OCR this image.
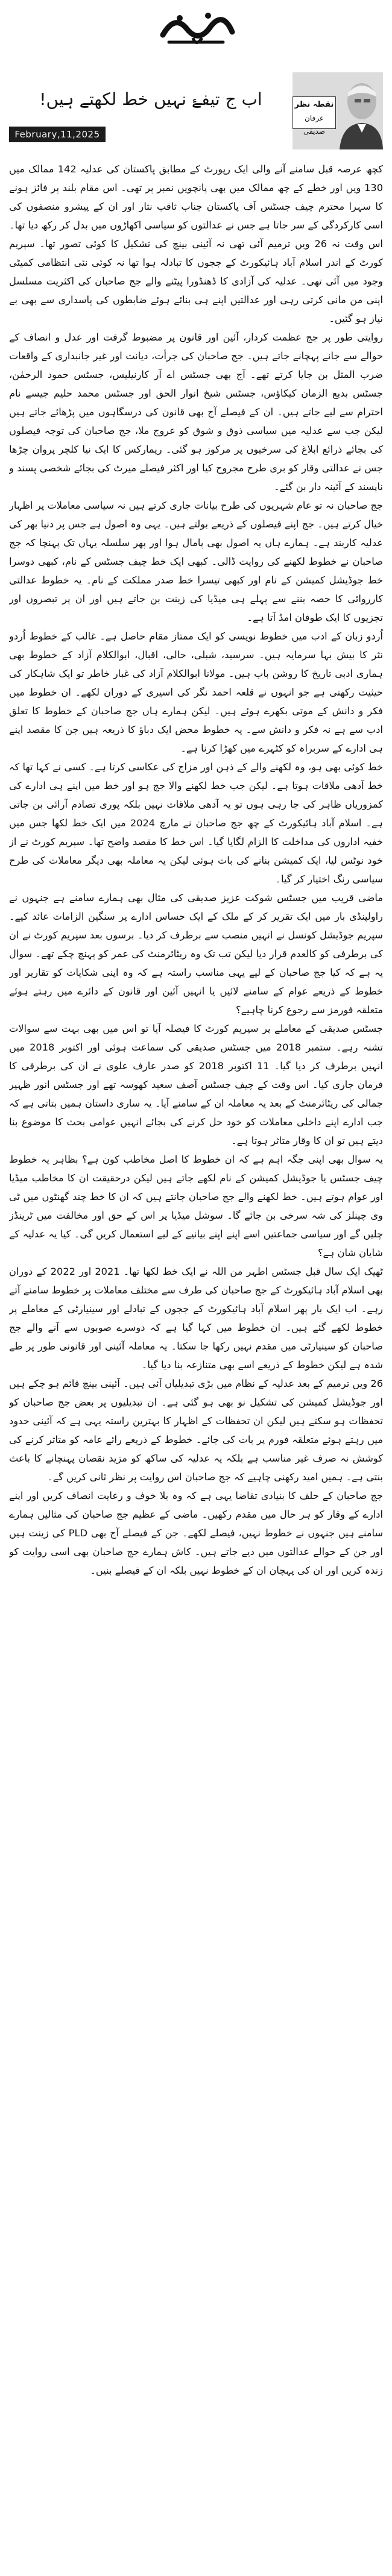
اب ج تیفۓ نہیں خط لکھتے ہیں!
February,11,2025
نقطہ نظر
عرفان صدیقی

کچھ عرصہ قبل سامنے آنے والی ایک رپورٹ کے مطابق پاکستان کی عدلیہ 142 ممالک میں 130 ویں اور خطے کے چھ ممالک میں بھی پانچویں نمبر پر تھی۔ اس مقام بلند پر فائز ہونے کا سہرا محترم چیف جسٹس آف پاکستان جناب ثاقب نثار اور ان کے پیشرو منصفوں کی اسی کارکردگی کے سر جاتا ہے جس نے عدالتوں کو سیاسی اکھاڑوں میں بدل کر رکھ دیا تھا۔ اس وقت نہ 26 ویں ترمیم آئی تھی نہ آئینی بینچ کی تشکیل کا کوئی تصور تھا۔ سپریم کورٹ کے اندر اسلام آباد ہائیکورٹ کے ججوں کا تبادلہ ہوا تھا نہ کوئی نئی انتظامی کمیٹی وجود میں آئی تھی۔ عدلیہ کی آزادی کا ڈھنڈورا پیٹنے والے جج صاحبان کی اکثریت مسلسل اپنی من مانی کرتی رہی اور عدالتیں اپنے ہی بنائے ہوئے ضابطوں کی پاسداری سے بھی بے نیاز ہو گئیں۔

روایتی طور پر جج عظمت کردار، آئین اور قانون پر مضبوط گرفت اور عدل و انصاف کے حوالے سے جانے پہچانے جاتے ہیں۔ جج صاحبان کی جرأت، دیانت اور غیر جانبداری کے واقعات ضرب المثل بن جایا کرتے تھے۔ آج بھی جسٹس اے آر کارنیلیس، جسٹس حمود الرحمٰن، جسٹس بدیع الزمان کیکاؤس، جسٹس شیخ انوار الحق اور جسٹس محمد حلیم جیسے نام احترام سے لیے جاتے ہیں۔ ان کے فیصلے آج بھی قانون کی درسگاہوں میں پڑھائے جاتے ہیں لیکن جب سے عدلیہ میں سیاسی ذوق و شوق کو عروج ملا، جج صاحبان کی توجہ فیصلوں کی بجائے ذرائع ابلاغ کی سرخیوں پر مرکوز ہو گئی۔ ریمارکس کا ایک نیا کلچر پروان چڑھا جس نے عدالتی وقار کو بری طرح مجروح کیا اور اکثر فیصلے میرٹ کی بجائے شخصی پسند و ناپسند کے آئینہ دار بن گئے۔

جج صاحبان نہ تو عام شہریوں کی طرح بیانات جاری کرتے ہیں نہ سیاسی معاملات پر اظہار خیال کرتے ہیں۔ جج اپنے فیصلوں کے ذریعے بولتے ہیں۔ یہی وہ اصول ہے جس پر دنیا بھر کی عدلیہ کاربند ہے۔ ہمارے ہاں یہ اصول بھی پامال ہوا اور پھر سلسلہ یہاں تک پہنچا کہ جج صاحبان نے خطوط لکھنے کی روایت ڈالی۔ کبھی ایک خط چیف جسٹس کے نام، کبھی دوسرا خط جوڈیشل کمیشن کے نام اور کبھی تیسرا خط صدر مملکت کے نام۔ یہ خطوط عدالتی کارروائی کا حصہ بننے سے پہلے ہی میڈیا کی زینت بن جاتے ہیں اور ان پر تبصروں اور تجزیوں کا ایک طوفان امڈ آتا ہے۔

اُردو زبان کے ادب میں خطوط نویسی کو ایک ممتاز مقام حاصل ہے۔ غالب کے خطوط اُردو نثر کا بیش بہا سرمایہ ہیں۔ سرسید، شبلی، حالی، اقبال، ابوالکلام آزاد کے خطوط بھی ہماری ادبی تاریخ کا روشن باب ہیں۔ مولانا ابوالکلام آزاد کی غبار خاطر تو ایک شاہکار کی حیثیت رکھتی ہے جو انہوں نے قلعہ احمد نگر کی اسیری کے دوران لکھے۔ ان خطوط میں فکر و دانش کے موتی بکھرے ہوئے ہیں۔ لیکن ہمارے ہاں جج صاحبان کے خطوط کا تعلق ادب سے ہے نہ فکر و دانش سے۔ یہ خطوط محض ایک دباؤ کا ذریعہ ہیں جن کا مقصد اپنے ہی ادارے کے سربراہ کو کٹہرے میں کھڑا کرنا ہے۔

خط کوئی بھی ہو، وہ لکھنے والے کے ذہن اور مزاج کی عکاسی کرتا ہے۔ کسی نے کہا تھا کہ خط آدھی ملاقات ہوتا ہے۔ لیکن جب خط لکھنے والا جج ہو اور خط میں اپنے ہی ادارے کی کمزوریاں ظاہر کی جا رہی ہوں تو یہ آدھی ملاقات نہیں بلکہ پوری تصادم آرائی بن جاتی ہے۔ اسلام آباد ہائیکورٹ کے چھ جج صاحبان نے مارچ 2024 میں ایک خط لکھا جس میں خفیہ اداروں کی مداخلت کا الزام لگایا گیا۔ اس خط کا مقصد واضح تھا۔ سپریم کورٹ نے از خود نوٹس لیا، ایک کمیشن بنانے کی بات ہوئی لیکن یہ معاملہ بھی دیگر معاملات کی طرح سیاسی رنگ اختیار کر گیا۔

ماضی قریب میں جسٹس شوکت عزیز صدیقی کی مثال بھی ہمارے سامنے ہے جنہوں نے راولپنڈی بار میں ایک تقریر کر کے ملک کے ایک حساس ادارے پر سنگین الزامات عائد کیے۔ سپریم جوڈیشل کونسل نے انہیں منصب سے برطرف کر دیا۔ برسوں بعد سپریم کورٹ نے ان کی برطرفی کو کالعدم قرار دیا لیکن تب تک وہ ریٹائرمنٹ کی عمر کو پہنچ چکے تھے۔ سوال یہ ہے کہ کیا جج صاحبان کے لیے یہی مناسب راستہ ہے کہ وہ اپنی شکایات کو تقاریر اور خطوط کے ذریعے عوام کے سامنے لائیں یا انہیں آئین اور قانون کے دائرے میں رہتے ہوئے متعلقہ فورمز سے رجوع کرنا چاہیے؟

جسٹس صدیقی کے معاملے پر سپریم کورٹ کا فیصلہ آیا تو اس میں بھی بہت سے سوالات تشنہ رہے۔ ستمبر 2018 میں جسٹس صدیقی کی سماعت ہوئی اور اکتوبر 2018 میں انہیں برطرف کر دیا گیا۔ 11 اکتوبر 2018 کو صدر عارف علوی نے ان کی برطرفی کا فرمان جاری کیا۔ اس وقت کے چیف جسٹس آصف سعید کھوسہ تھے اور جسٹس انور ظہیر جمالی کی ریٹائرمنٹ کے بعد یہ معاملہ ان کے سامنے آیا۔ یہ ساری داستان ہمیں بتاتی ہے کہ جب ادارے اپنے داخلی معاملات کو خود حل کرنے کی بجائے انہیں عوامی بحث کا موضوع بنا دیتے ہیں تو ان کا وقار متاثر ہوتا ہے۔

یہ سوال بھی اپنی جگہ اہم ہے کہ ان خطوط کا اصل مخاطب کون ہے؟ بظاہر یہ خطوط چیف جسٹس یا جوڈیشل کمیشن کے نام لکھے جاتے ہیں لیکن درحقیقت ان کا مخاطب میڈیا اور عوام ہوتے ہیں۔ خط لکھنے والے جج صاحبان جانتے ہیں کہ ان کا خط چند گھنٹوں میں ٹی وی چینلز کی شہ سرخی بن جائے گا۔ سوشل میڈیا پر اس کے حق اور مخالفت میں ٹرینڈز چلیں گے اور سیاسی جماعتیں اسے اپنے اپنے بیانیے کے لیے استعمال کریں گی۔ کیا یہ عدلیہ کے شایان شان ہے؟

ٹھیک ایک سال قبل جسٹس اطہر من اللہ نے ایک خط لکھا تھا۔ 2021 اور 2022 کے دوران بھی اسلام آباد ہائیکورٹ کے جج صاحبان کی طرف سے مختلف معاملات پر خطوط سامنے آتے رہے۔ اب ایک بار پھر اسلام آباد ہائیکورٹ کے ججوں کے تبادلے اور سینیارٹی کے معاملے پر خطوط لکھے گئے ہیں۔ ان خطوط میں کہا گیا ہے کہ دوسرے صوبوں سے آنے والے جج صاحبان کو سینیارٹی میں مقدم نہیں رکھا جا سکتا۔ یہ معاملہ آئینی اور قانونی طور پر طے شدہ ہے لیکن خطوط کے ذریعے اسے بھی متنازعہ بنا دیا گیا۔

26 ویں ترمیم کے بعد عدلیہ کے نظام میں بڑی تبدیلیاں آئی ہیں۔ آئینی بینچ قائم ہو چکے ہیں اور جوڈیشل کمیشن کی تشکیل نو بھی ہو گئی ہے۔ ان تبدیلیوں پر بعض جج صاحبان کو تحفظات ہو سکتے ہیں لیکن ان تحفظات کے اظہار کا بہترین راستہ یہی ہے کہ آئینی حدود میں رہتے ہوئے متعلقہ فورم پر بات کی جائے۔ خطوط کے ذریعے رائے عامہ کو متاثر کرنے کی کوشش نہ صرف غیر مناسب ہے بلکہ یہ عدلیہ کی ساکھ کو مزید نقصان پہنچانے کا باعث بنتی ہے۔ ہمیں امید رکھنی چاہیے کہ جج صاحبان اس روایت پر نظر ثانی کریں گے۔

جج صاحبان کے حلف کا بنیادی تقاضا یہی ہے کہ وہ بلا خوف و رعایت انصاف کریں اور اپنے ادارے کے وقار کو ہر حال میں مقدم رکھیں۔ ماضی کے عظیم جج صاحبان کی مثالیں ہمارے سامنے ہیں جنہوں نے خطوط نہیں، فیصلے لکھے۔ جن کے فیصلے آج بھی PLD کی زینت ہیں اور جن کے حوالے عدالتوں میں دیے جاتے ہیں۔ کاش ہمارے جج صاحبان بھی اسی روایت کو زندہ کریں اور ان کی پہچان ان کے خطوط نہیں بلکہ ان کے فیصلے بنیں۔
